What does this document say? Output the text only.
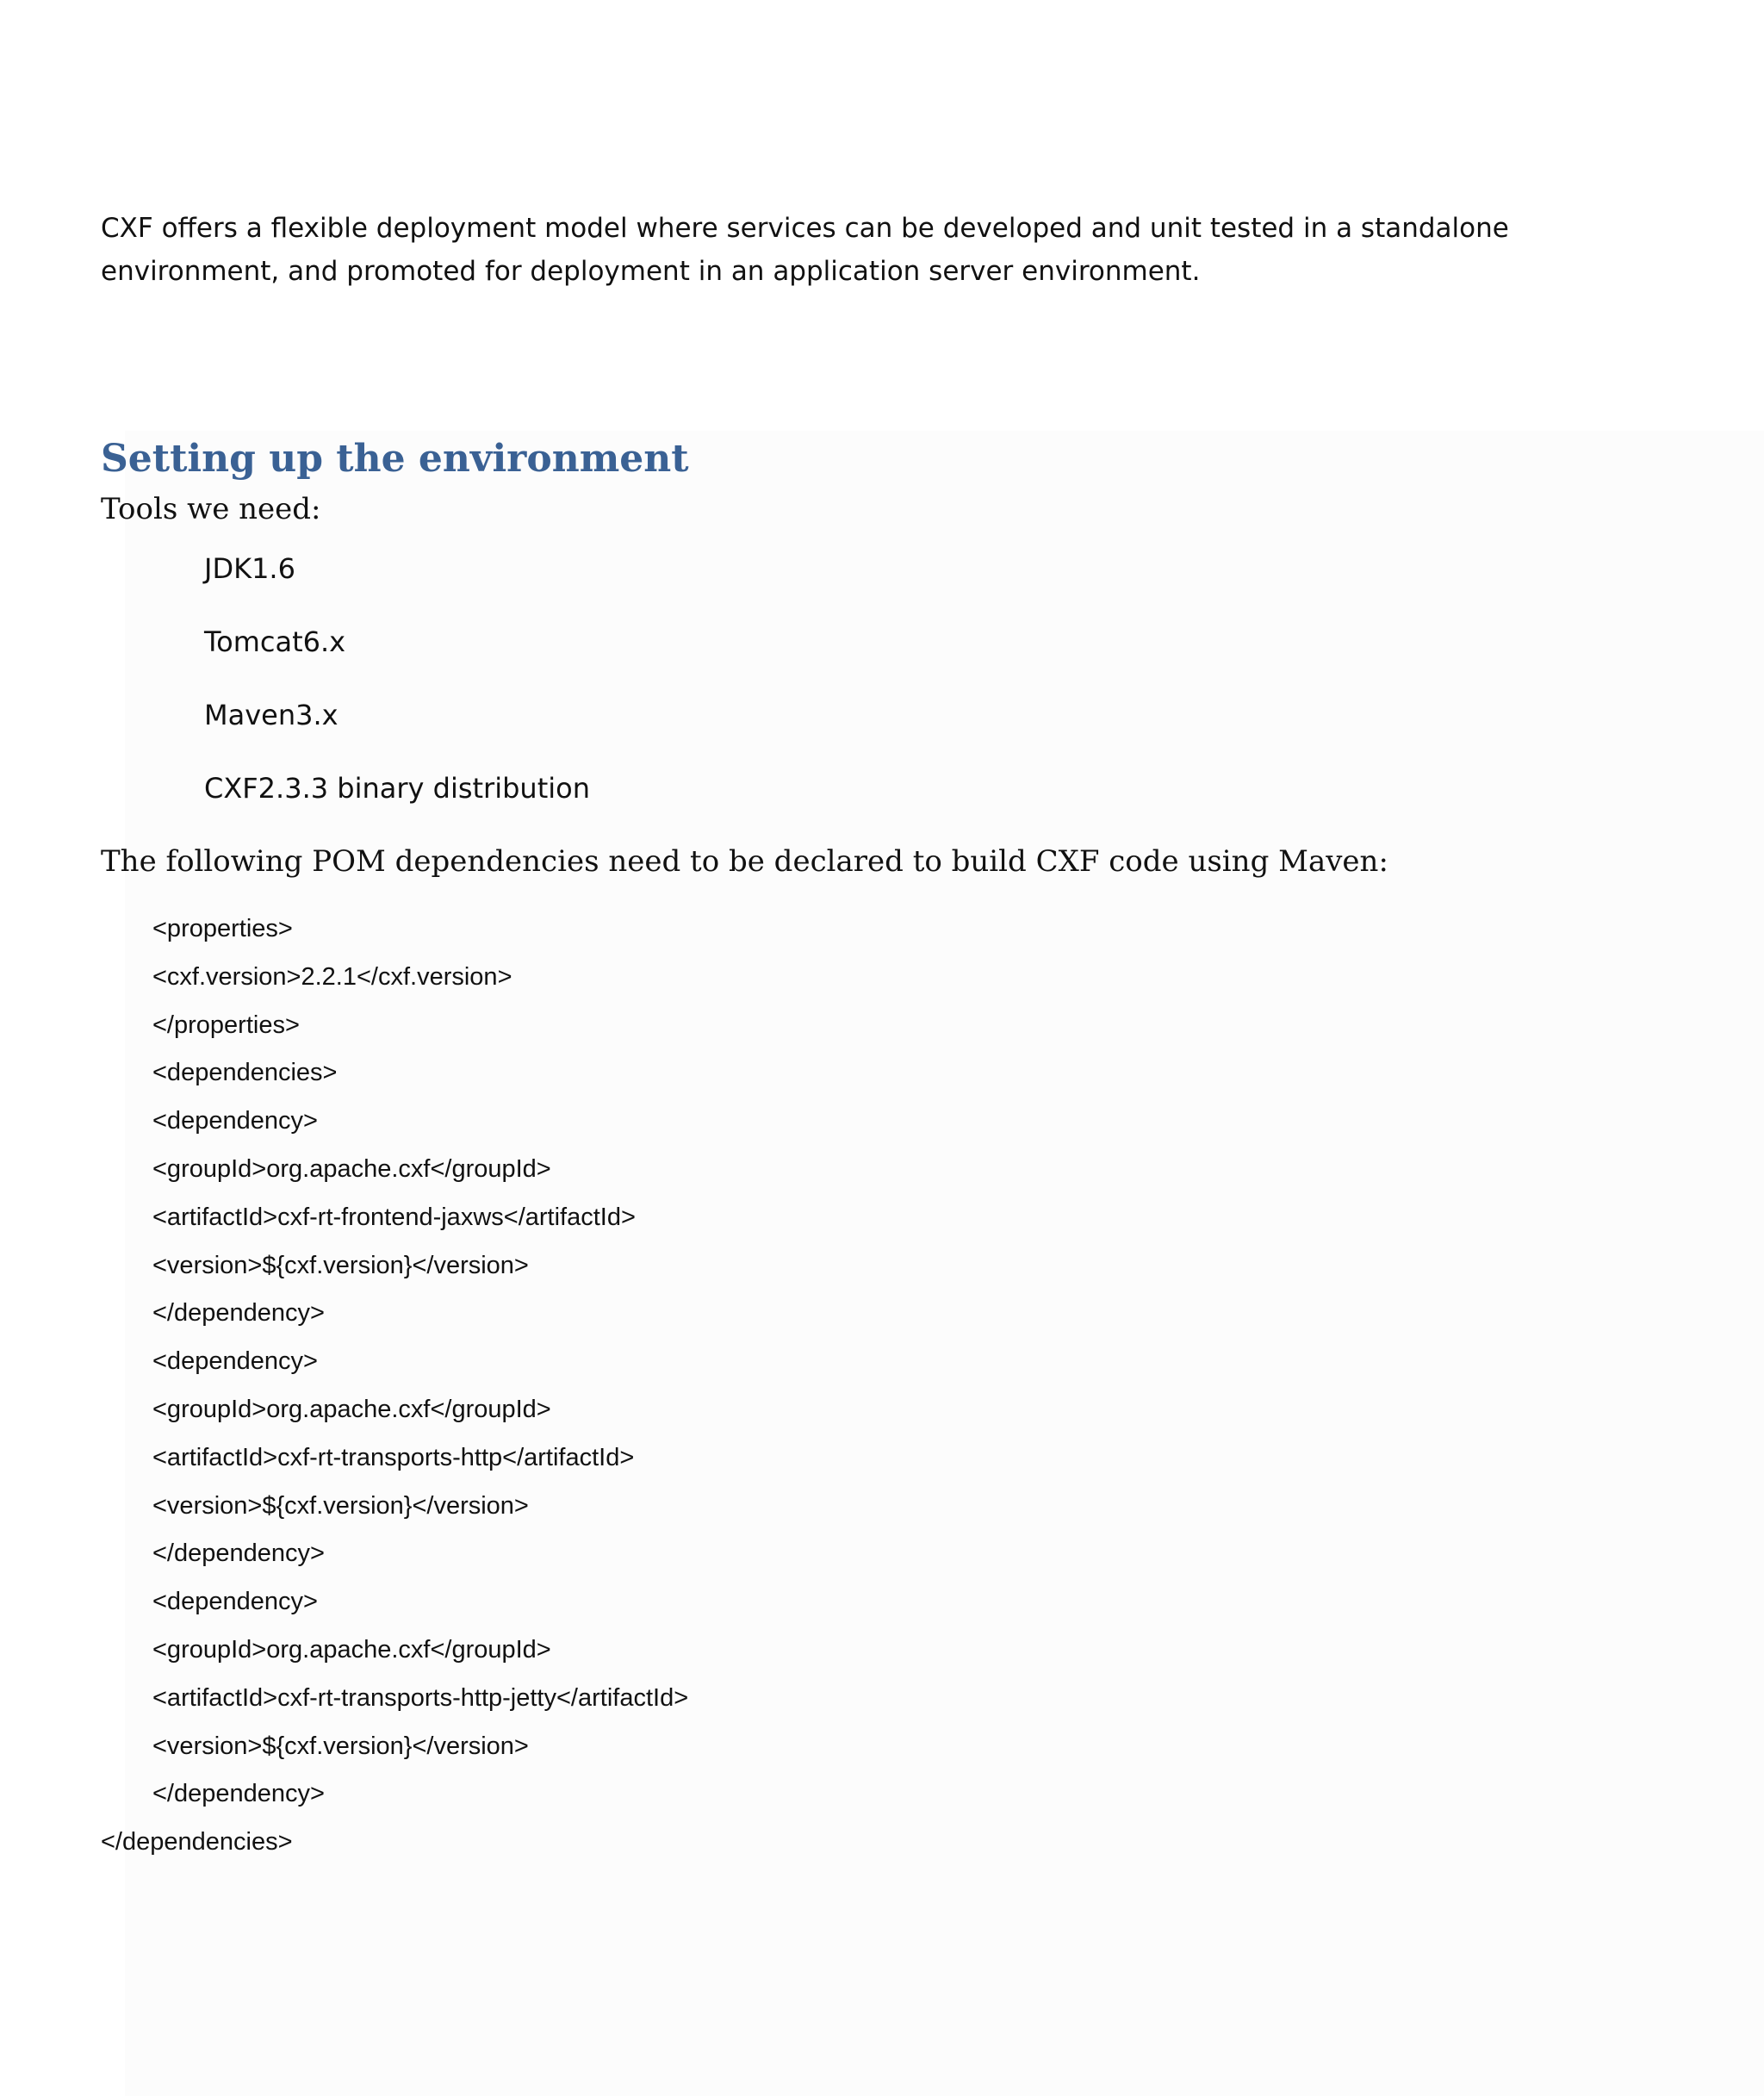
CXF offers a flexible deployment model where services can be developed and unit tested in a standalone environment, and promoted for deployment in an application server environment.

Setting up the environment

Tools we need:

JDK1.6
Tomcat6.x
Maven3.x
CXF2.3.3 binary distribution

The following POM dependencies need to be declared to build CXF code using Maven:

<properties>
<cxf.version>2.2.1</cxf.version>
</properties>
<dependencies>
<dependency>
<groupId>org.apache.cxf</groupId>
<artifactId>cxf-rt-frontend-jaxws</artifactId>
<version>${cxf.version}</version>
</dependency>
<dependency>
<groupId>org.apache.cxf</groupId>
<artifactId>cxf-rt-transports-http</artifactId>
<version>${cxf.version}</version>
</dependency>
<dependency>
<groupId>org.apache.cxf</groupId>
<artifactId>cxf-rt-transports-http-jetty</artifactId>
<version>${cxf.version}</version>
</dependency>

</dependencies>
